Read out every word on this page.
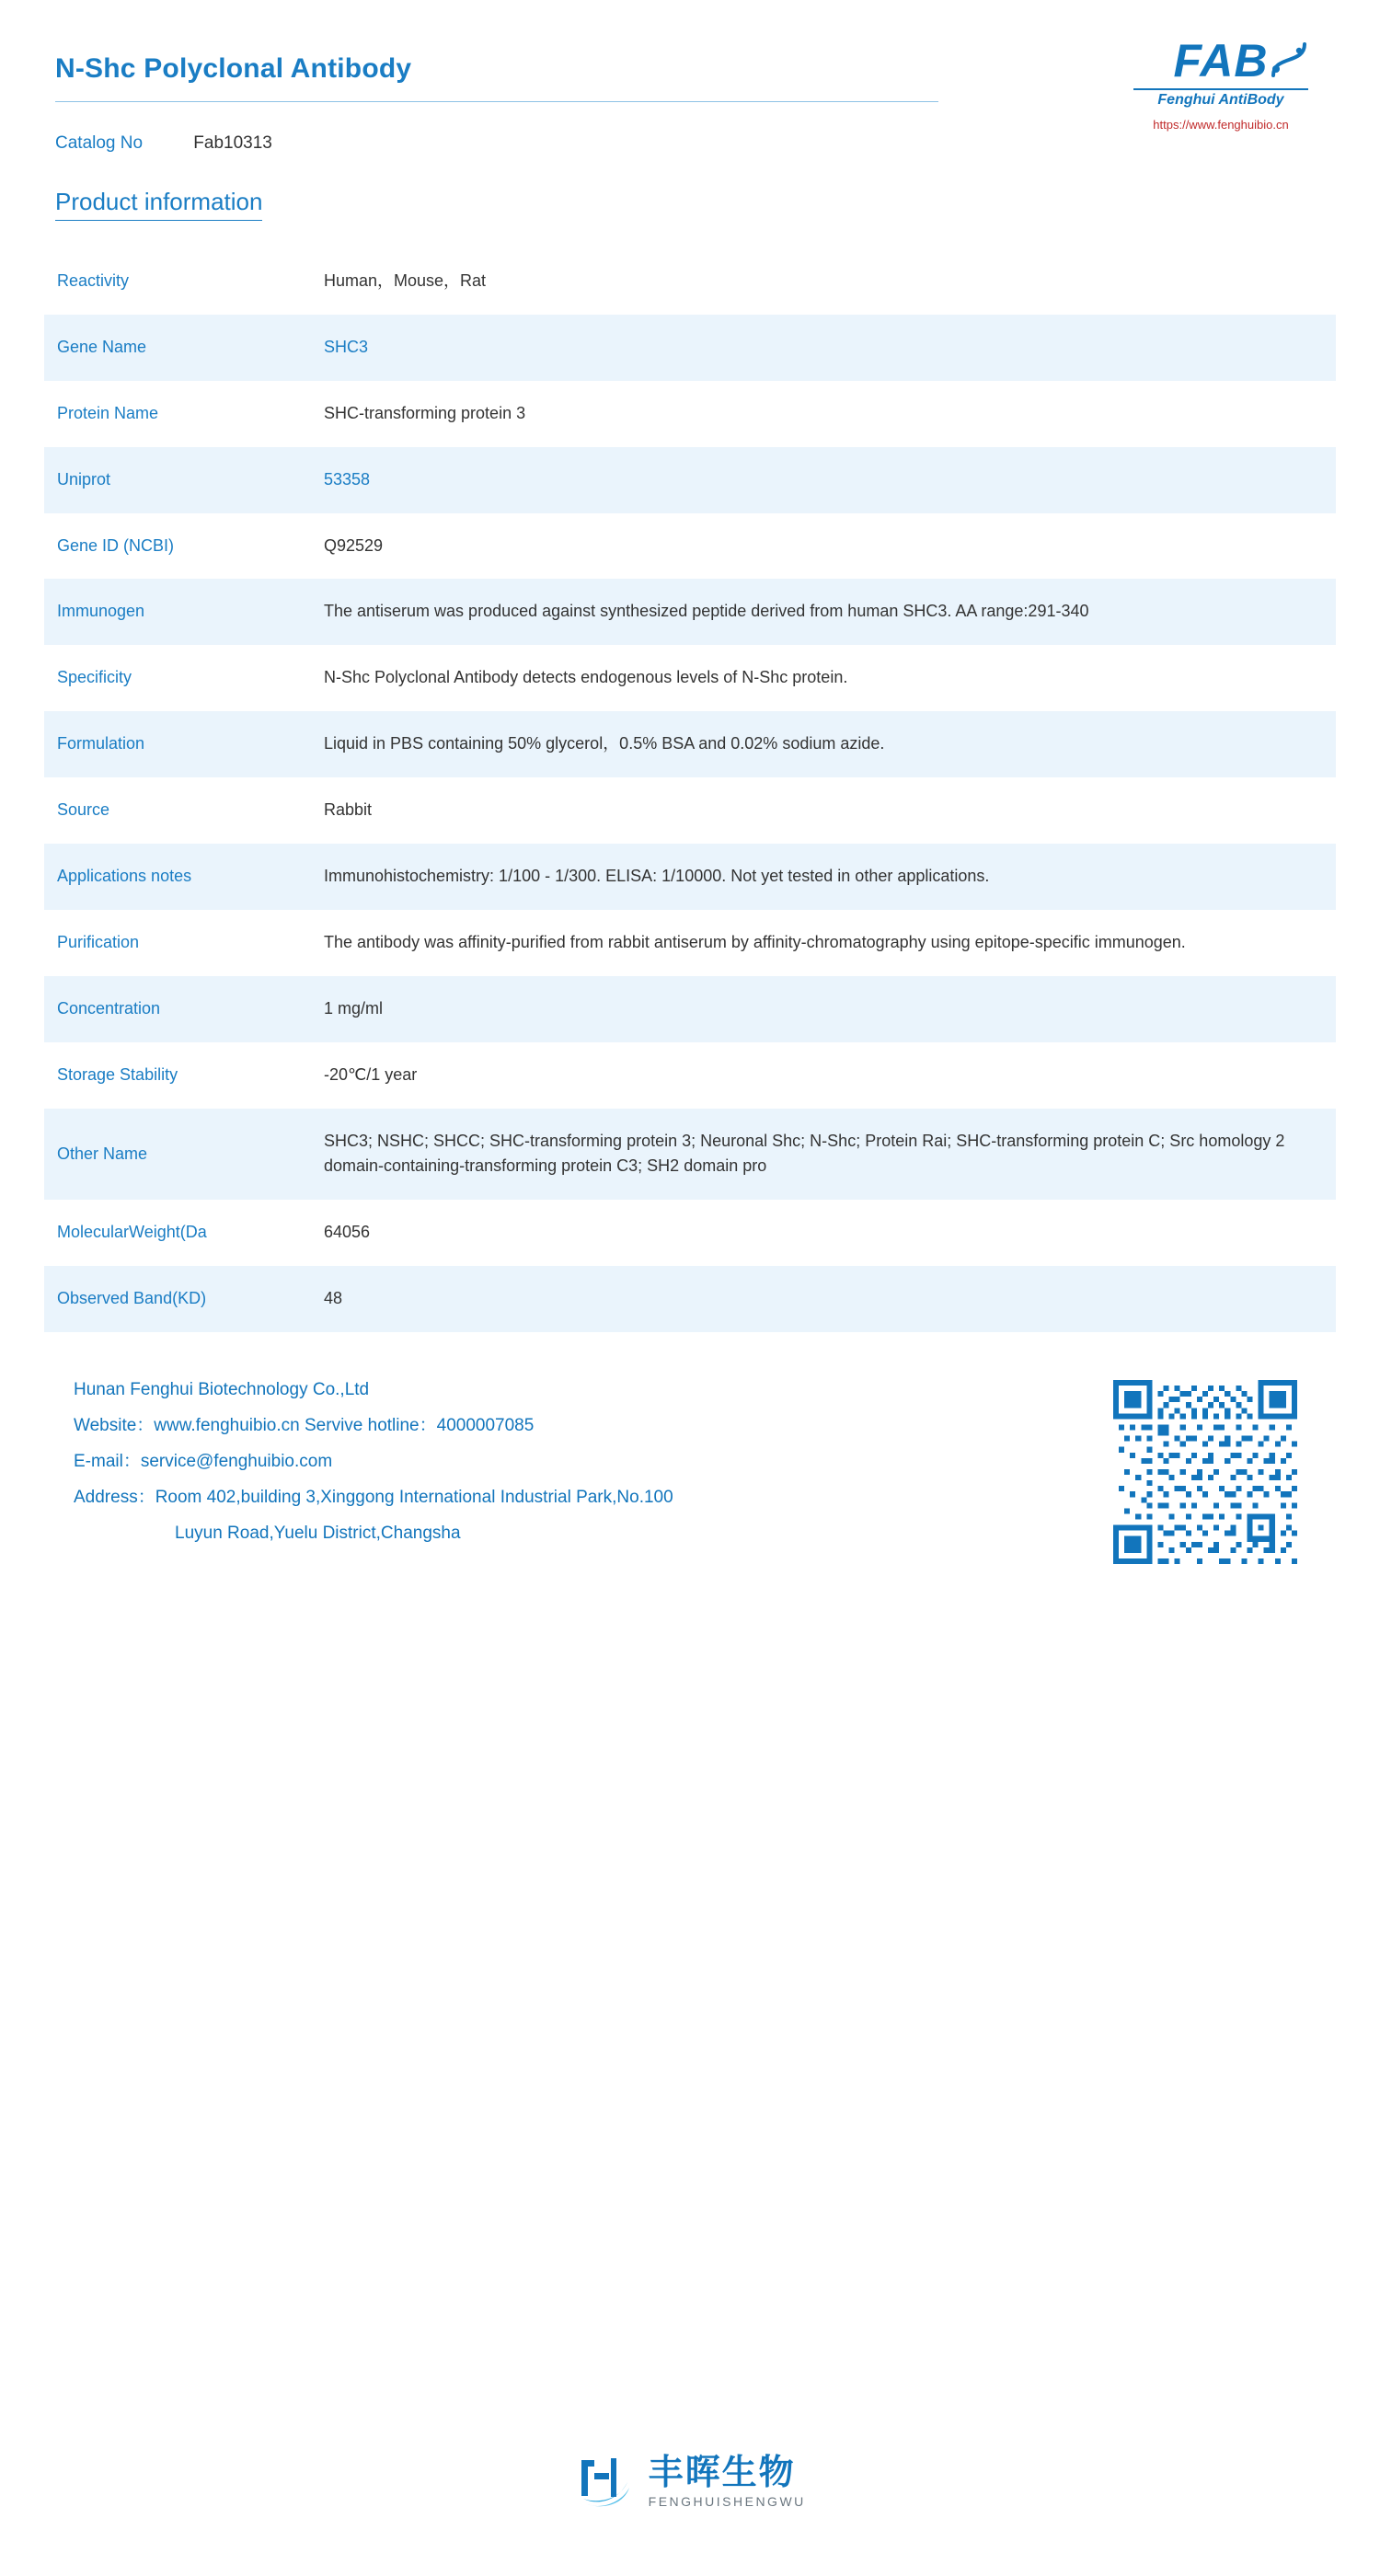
N-Shc Polyclonal Antibody
Catalog No	Fab10313
FAB
Fenghui AntiBody
https://www.fenghuibio.cn
Product information
Reactivity	Human，Mouse，Rat
Gene Name	SHC3
Protein Name	SHC-transforming protein 3
Uniprot	53358
Gene ID (NCBI)	Q92529
Immunogen	The antiserum was produced against synthesized peptide derived from human SHC3. AA range:291-340
Specificity	N-Shc Polyclonal Antibody detects endogenous levels of N-Shc protein.
Formulation	Liquid in PBS containing 50% glycerol，0.5% BSA and 0.02% sodium azide.
Source	Rabbit
Applications notes	Immunohistochemistry: 1/100 - 1/300. ELISA: 1/10000. Not yet tested in other applications.
Purification	The antibody was affinity-purified from rabbit antiserum by affinity-chromatography using epitope-specific immunogen.
Concentration	1 mg/ml
Storage Stability	-20℃/1 year
Other Name	SHC3; NSHC; SHCC; SHC-transforming protein 3; Neuronal Shc; N-Shc; Protein Rai; SHC-transforming protein C; Src homology 2 domain-containing-transforming protein C3; SH2 domain pro
MolecularWeight(Da	64056
Observed Band(KD)	48
Hunan Fenghui Biotechnology Co.,Ltd
Website：www.fenghuibio.cn Servive hotline：4000007085
E-mail：service@fenghuibio.com
Address：Room 402,building 3,Xinggong International Industrial Park,No.100
Luyun Road,Yuelu District,Changsha

丰晖生物
FENGHUISHENGWU
